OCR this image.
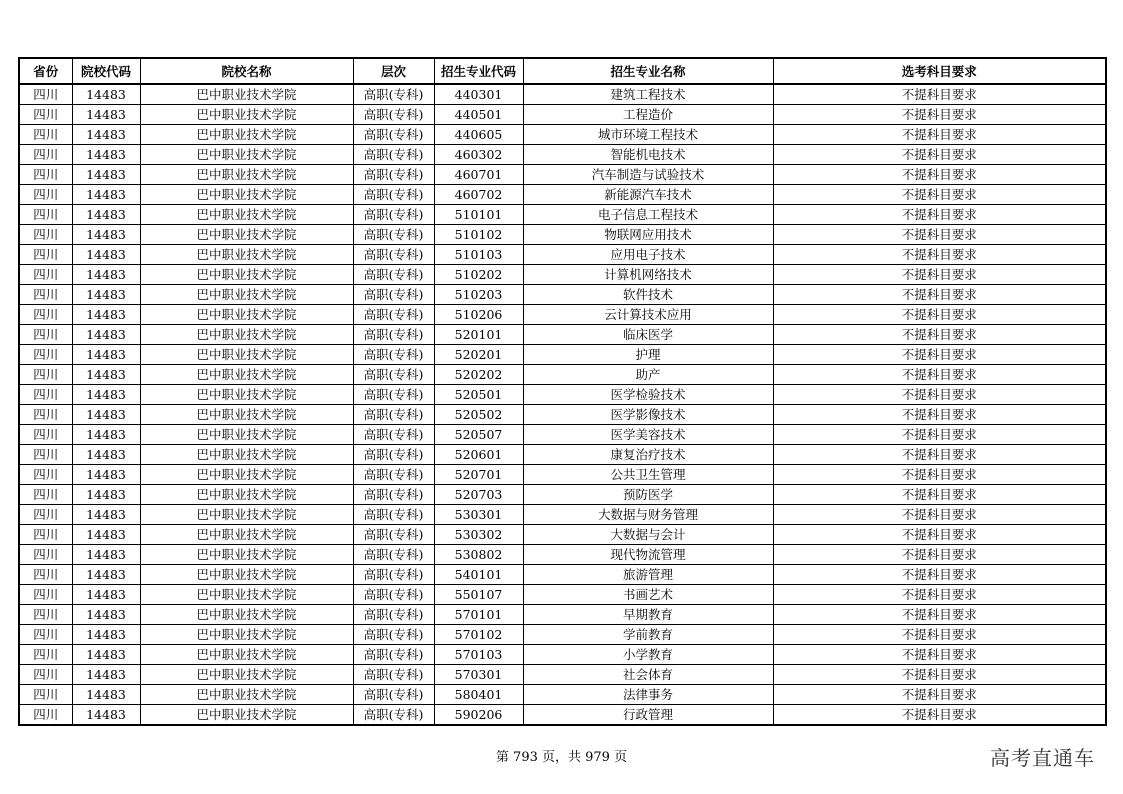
省份	院校代码	院校名称	层次	招生专业代码	招生专业名称	选考科目要求
四川	14483	巴中职业技术学院	高职(专科)	440301	建筑工程技术	不提科目要求
四川	14483	巴中职业技术学院	高职(专科)	440501	工程造价	不提科目要求
四川	14483	巴中职业技术学院	高职(专科)	440605	城市环境工程技术	不提科目要求
四川	14483	巴中职业技术学院	高职(专科)	460302	智能机电技术	不提科目要求
四川	14483	巴中职业技术学院	高职(专科)	460701	汽车制造与试验技术	不提科目要求
四川	14483	巴中职业技术学院	高职(专科)	460702	新能源汽车技术	不提科目要求
四川	14483	巴中职业技术学院	高职(专科)	510101	电子信息工程技术	不提科目要求
四川	14483	巴中职业技术学院	高职(专科)	510102	物联网应用技术	不提科目要求
四川	14483	巴中职业技术学院	高职(专科)	510103	应用电子技术	不提科目要求
四川	14483	巴中职业技术学院	高职(专科)	510202	计算机网络技术	不提科目要求
四川	14483	巴中职业技术学院	高职(专科)	510203	软件技术	不提科目要求
四川	14483	巴中职业技术学院	高职(专科)	510206	云计算技术应用	不提科目要求
四川	14483	巴中职业技术学院	高职(专科)	520101	临床医学	不提科目要求
四川	14483	巴中职业技术学院	高职(专科)	520201	护理	不提科目要求
四川	14483	巴中职业技术学院	高职(专科)	520202	助产	不提科目要求
四川	14483	巴中职业技术学院	高职(专科)	520501	医学检验技术	不提科目要求
四川	14483	巴中职业技术学院	高职(专科)	520502	医学影像技术	不提科目要求
四川	14483	巴中职业技术学院	高职(专科)	520507	医学美容技术	不提科目要求
四川	14483	巴中职业技术学院	高职(专科)	520601	康复治疗技术	不提科目要求
四川	14483	巴中职业技术学院	高职(专科)	520701	公共卫生管理	不提科目要求
四川	14483	巴中职业技术学院	高职(专科)	520703	预防医学	不提科目要求
四川	14483	巴中职业技术学院	高职(专科)	530301	大数据与财务管理	不提科目要求
四川	14483	巴中职业技术学院	高职(专科)	530302	大数据与会计	不提科目要求
四川	14483	巴中职业技术学院	高职(专科)	530802	现代物流管理	不提科目要求
四川	14483	巴中职业技术学院	高职(专科)	540101	旅游管理	不提科目要求
四川	14483	巴中职业技术学院	高职(专科)	550107	书画艺术	不提科目要求
四川	14483	巴中职业技术学院	高职(专科)	570101	早期教育	不提科目要求
四川	14483	巴中职业技术学院	高职(专科)	570102	学前教育	不提科目要求
四川	14483	巴中职业技术学院	高职(专科)	570103	小学教育	不提科目要求
四川	14483	巴中职业技术学院	高职(专科)	570301	社会体育	不提科目要求
四川	14483	巴中职业技术学院	高职(专科)	580401	法律事务	不提科目要求
四川	14483	巴中职业技术学院	高职(专科)	590206	行政管理	不提科目要求
第 793 页，共 979 页	高考直通车
